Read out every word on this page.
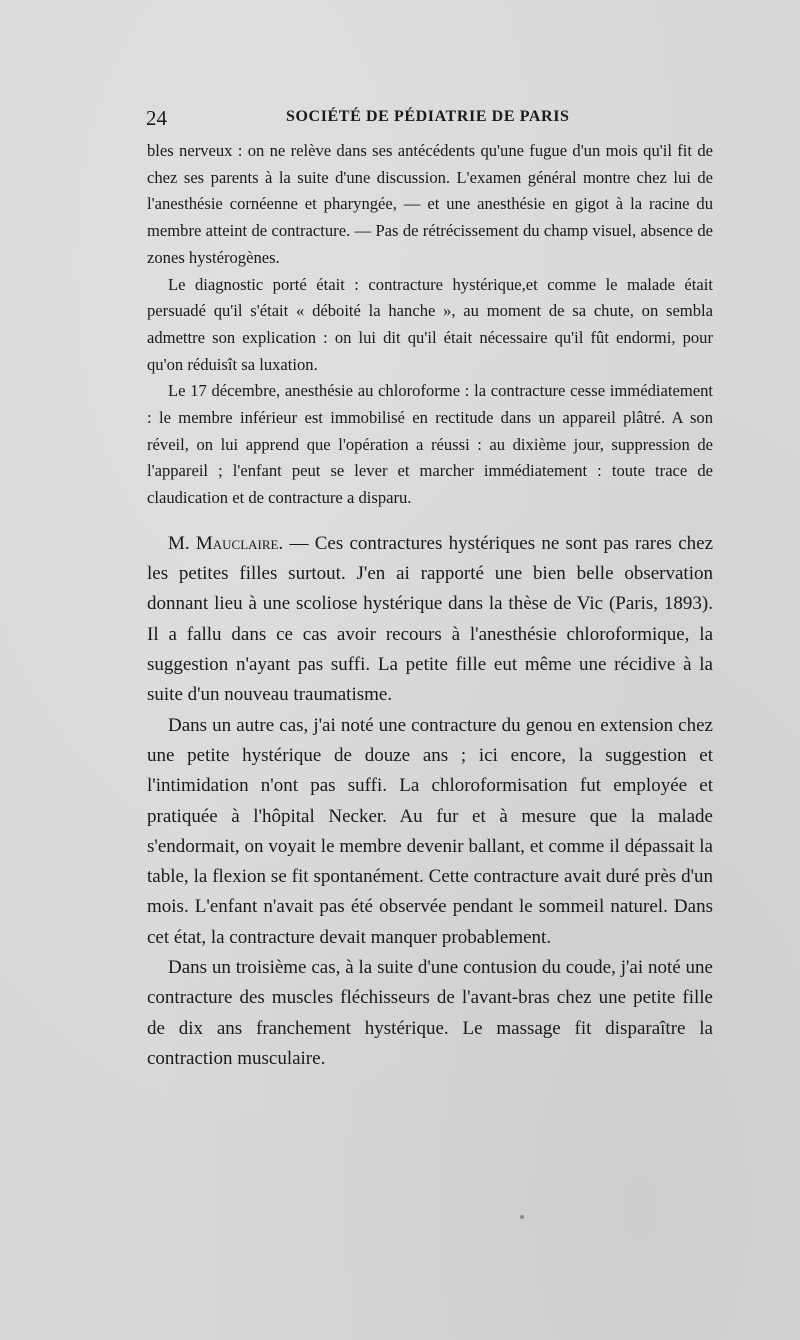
24	SOCIÉTÉ DE PÉDIATRIE DE PARIS

bles nerveux : on ne relève dans ses antécédents qu'une fugue d'un mois qu'il fit de chez ses parents à la suite d'une discussion. L'examen général montre chez lui de l'anesthésie cornéenne et pharyngée, — et une anesthésie en gigot à la racine du membre atteint de contracture. — Pas de rétrécissement du champ visuel, absence de zones hystérogènes.

Le diagnostic porté était : contracture hystérique,et comme le malade était persuadé qu'il s'était « déboité la hanche », au moment de sa chute, on sembla admettre son explication : on lui dit qu'il était nécessaire qu'il fût endormi, pour qu'on réduisît sa luxation.

Le 17 décembre, anesthésie au chloroforme : la contracture cesse immédiatement : le membre inférieur est immobilisé en rectitude dans un appareil plâtré. A son réveil, on lui apprend que l'opération a réussi : au dixième jour, suppression de l'appareil ; l'enfant peut se lever et marcher immédiatement : toute trace de claudication et de contracture a disparu.

M. Mauclaire. — Ces contractures hystériques ne sont pas rares chez les petites filles surtout. J'en ai rapporté une bien belle observation donnant lieu à une scoliose hystérique dans la thèse de Vic (Paris, 1893). Il a fallu dans ce cas avoir recours à l'anesthésie chloroformique, la suggestion n'ayant pas suffi. La petite fille eut même une récidive à la suite d'un nouveau traumatisme.

Dans un autre cas, j'ai noté une contracture du genou en extension chez une petite hystérique de douze ans ; ici encore, la suggestion et l'intimidation n'ont pas suffi. La chloroformisation fut employée et pratiquée à l'hôpital Necker. Au fur et à mesure que la malade s'endormait, on voyait le membre devenir ballant, et comme il dépassait la table, la flexion se fit spontanément. Cette contracture avait duré près d'un mois. L'enfant n'avait pas été observée pendant le sommeil naturel. Dans cet état, la contracture devait manquer probablement.

Dans un troisième cas, à la suite d'une contusion du coude, j'ai noté une contracture des muscles fléchisseurs de l'avant-bras chez une petite fille de dix ans franchement hystérique. Le massage fit disparaître la contraction musculaire.
